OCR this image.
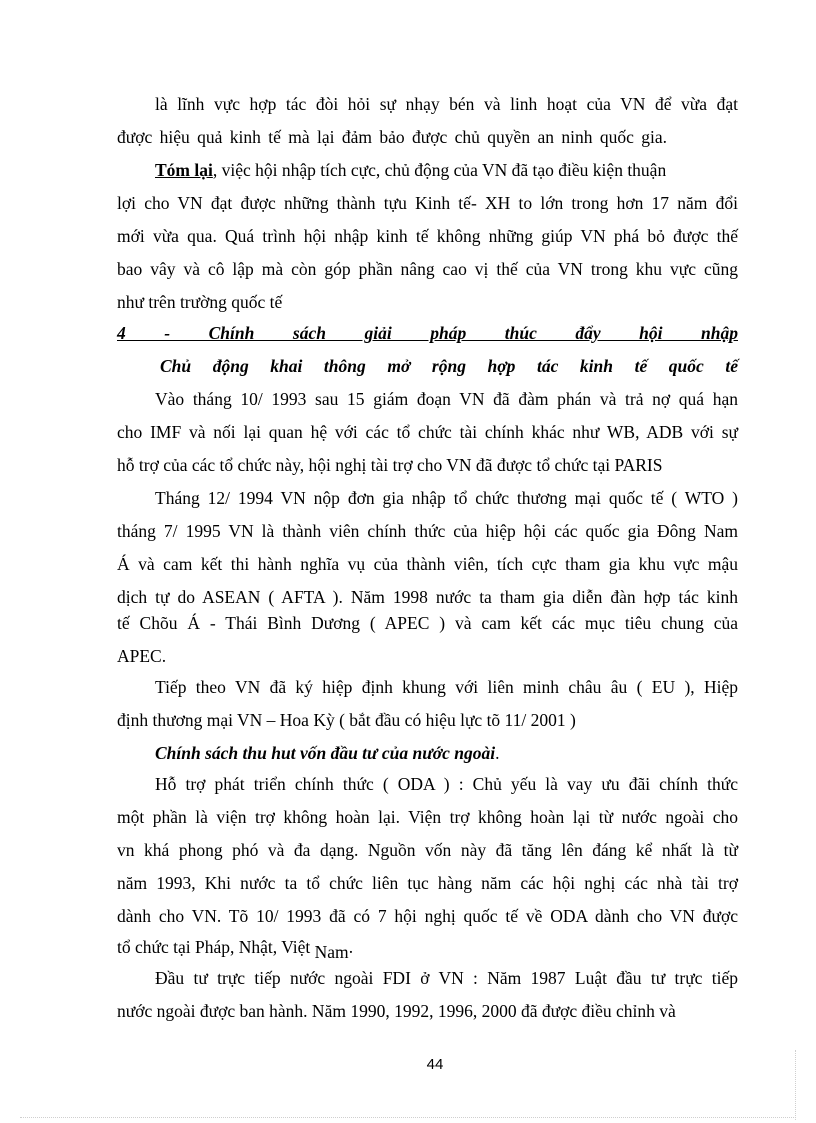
là lĩnh vực hợp tác đòi hỏi sự nhạy bén và linh hoạt của VN để vừa đạt

được hiệu quả kinh tế mà lại đảm bảo được chủ quyền an ninh quốc gia.

Tóm lại, việc hội nhập tích cực, chủ động của VN đã tạo điều kiện thuận

lợi cho VN đạt được những thành tựu Kinh tế- XH to lớn trong hơn 17 năm đổi

mới vừa qua. Quá trình hội nhập kinh tế không những giúp VN phá bỏ được thế

bao vây và cô lập mà còn góp phần nâng cao vị thế của VN trong khu vực cũng

như trên trường quốc tế

4 - Chính sách giải pháp thúc đẩy hội nhập

Chủ động khai thông mở rộng hợp tác kinh tế quốc tế

Vào tháng 10/ 1993 sau 15 giám đoạn VN đã đàm phán và trả nợ quá hạn

cho IMF và nối lại quan hệ với các tổ chức tài chính khác như WB, ADB với sự

hỗ trợ của các tổ chức này, hội nghị tài trợ cho VN đã được tổ chức tại PARIS

Tháng 12/ 1994 VN nộp đơn gia nhập tổ chức thương mại quốc tế ( WTO )

tháng 7/ 1995 VN là thành viên chính thức của hiệp hội các quốc gia Đông Nam

Á và cam kết thi hành nghĩa vụ của thành viên, tích cực tham gia khu vực mậu

dịch tự do ASEAN ( AFTA ). Năm 1998 nước ta tham gia diễn đàn hợp tác kinh

tế Chõu Á - Thái Bình Dương ( APEC ) và cam kết các mục tiêu chung của

APEC.

Tiếp theo VN đã ký hiệp định khung với liên minh châu âu ( EU ), Hiệp

định thương mại VN – Hoa Kỳ ( bắt đầu có hiệu lực tõ 11/ 2001 )

Chính sách thu hut vốn đầu tư của nước ngoài.

Hỗ trợ phát triển chính thức ( ODA ) : Chủ yếu là vay ưu đãi chính thức

một phần là viện trợ không hoàn lại. Viện trợ không hoàn lại từ nước ngoài cho

vn khá phong phó và đa dạng. Nguồn vốn này đã tăng lên đáng kể nhất là từ

năm 1993, Khi nước ta tổ chức liên tục hàng năm các hội nghị các nhà tài trợ

dành cho VN. Tõ 10/ 1993 đã có 7 hội nghị quốc tế về ODA dành cho VN được

tổ chức tại Pháp, Nhật, Việt Nam.

Đầu tư trực tiếp nước ngoài FDI ở VN : Năm 1987 Luật đầu tư trực tiếp

nước ngoài được ban hành. Năm 1990, 1992, 1996, 2000 đã được điều chỉnh và

44
